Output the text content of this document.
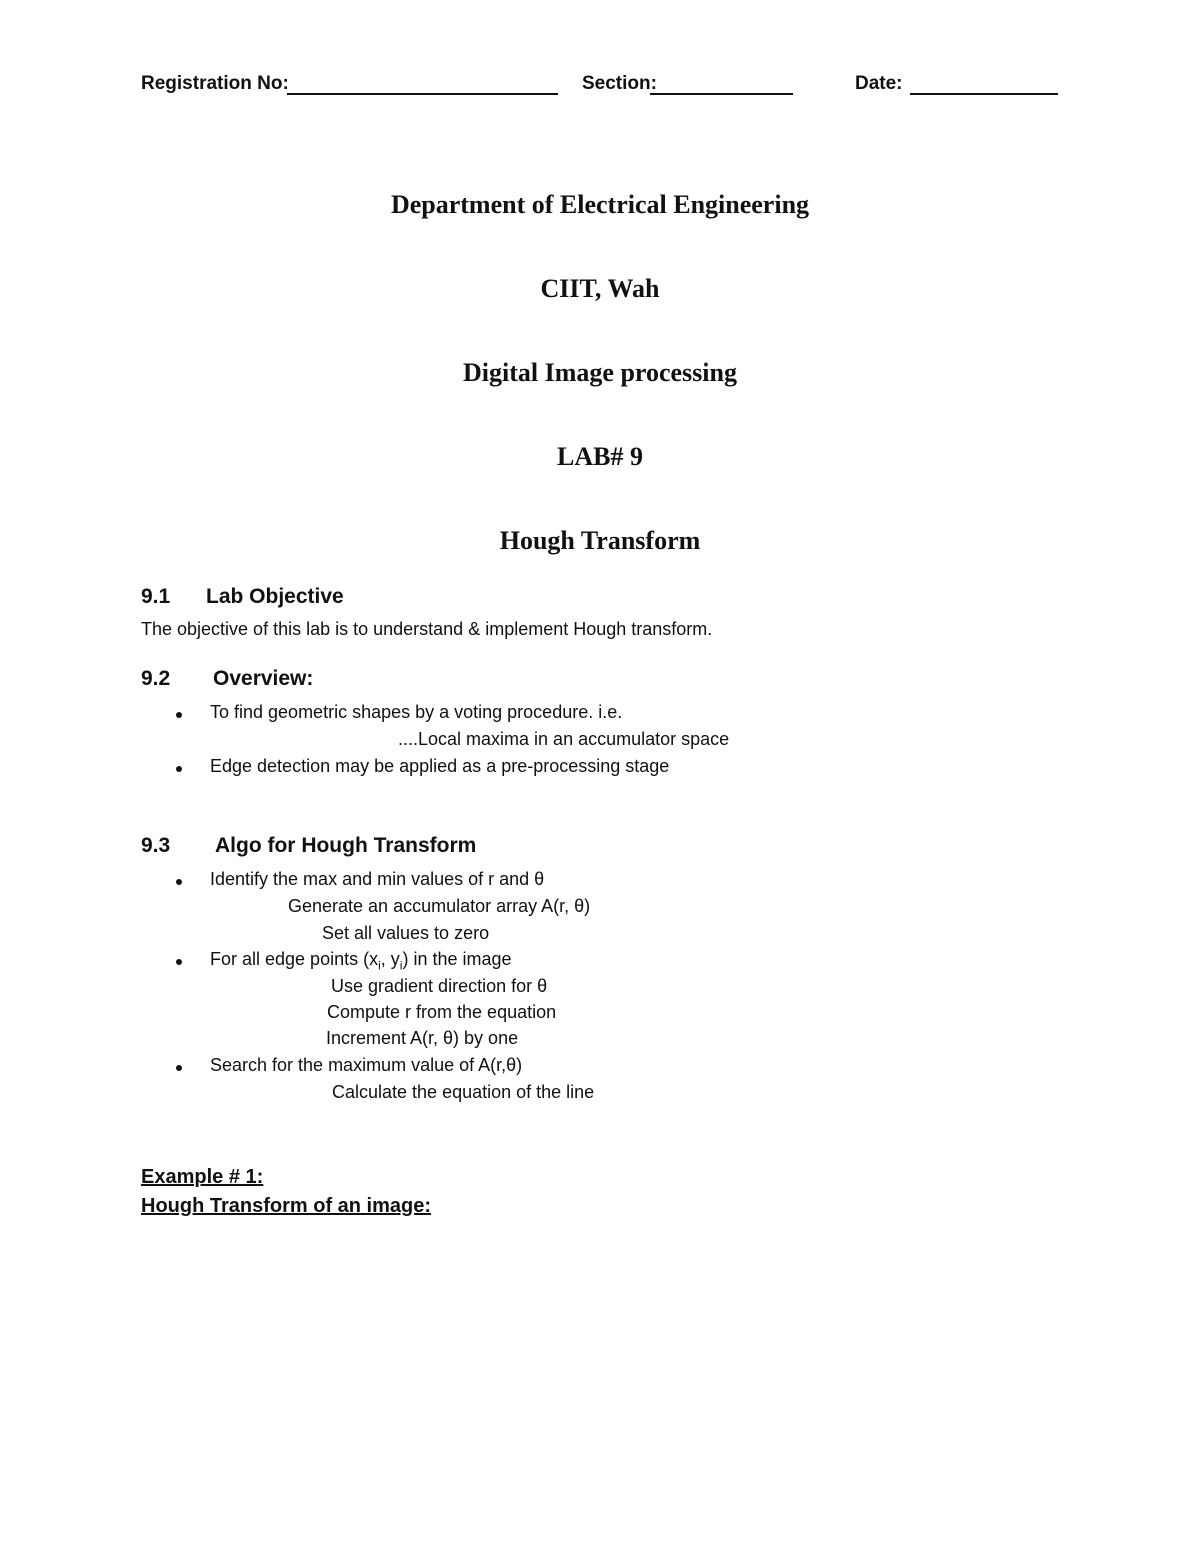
Registration No:	Section:	Date:
Department of Electrical Engineering
CIIT, Wah
Digital Image processing
LAB# 9
Hough Transform
9.1 Lab Objective
The objective of this lab is to understand & implement Hough transform.
9.2 Overview:
To find geometric shapes by a voting procedure. i.e.
....Local maxima in an accumulator space
Edge detection may be applied as a pre-processing stage
9.3 Algo for Hough Transform
Identify the max and min values of r and θ
Generate an accumulator array A(r, θ)
Set all values to zero
For all edge points ($x_i$, $y_i$) in the image
Use gradient direction for θ
Compute r from the equation
Increment A(r, θ) by one
Search for the maximum value of A(r,θ)
Calculate the equation of the line
Example # 1:
Hough Transform of an image:
